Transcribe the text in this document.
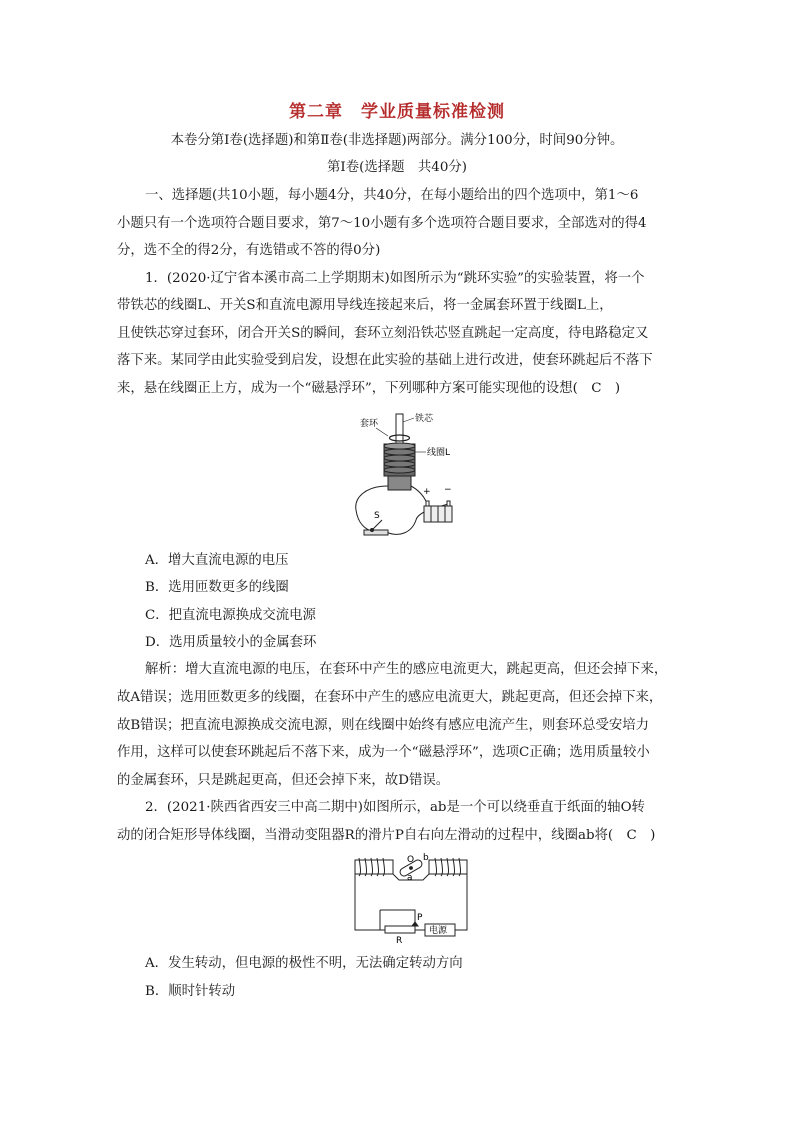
第二章　学业质量标准检测
本卷分第Ⅰ卷(选择题)和第Ⅱ卷(非选择题)两部分。满分100分，时间90分钟。
第Ⅰ卷(选择题　共40分)
一、选择题(共10小题，每小题4分，共40分，在每小题给出的四个选项中，第1～6
小题只有一个选项符合题目要求，第7～10小题有多个选项符合题目要求，全部选对的得4
分，选不全的得2分，有选错或不答的得0分)
1．(2020·辽宁省本溪市高二上学期期末)如图所示为“跳环实验”的实验装置，将一个
带铁芯的线圈L、开关S和直流电源用导线连接起来后，将一金属套环置于线圈L上，
且使铁芯穿过套环，闭合开关S的瞬间，套环立刻沿铁芯竖直跳起一定高度，待电路稳定又
落下来。某同学由此实验受到启发，设想在此实验的基础上进行改进，使套环跳起后不落下
来，悬在线圈正上方，成为一个“磁悬浮环”，下列哪种方案可能实现他的设想(　C　)
套环	铁芯
线圈L
S
+ −
A．增大直流电源的电压
B．选用匝数更多的线圈
C．把直流电源换成交流电源
D．选用质量较小的金属套环
解析：增大直流电源的电压，在套环中产生的感应电流更大，跳起更高，但还会掉下来，
故A错误；选用匝数更多的线圈，在套环中产生的感应电流更大，跳起更高，但还会掉下来，
故B错误；把直流电源换成交流电源，则在线圈中始终有感应电流产生，则套环总受安培力
作用，这样可以使套环跳起后不落下来，成为一个“磁悬浮环”，选项C正确；选用质量较小
的金属套环，只是跳起更高，但还会掉下来，故D错误。
2．(2021·陕西省西安三中高二期中)如图所示，ab是一个可以绕垂直于纸面的轴O转
动的闭合矩形导体线圈，当滑动变阻器R的滑片P自右向左滑动的过程中，线圈ab将(　C　)
O b
a
P
R
电源
A．发生转动，但电源的极性不明，无法确定转动方向
B．顺时针转动
